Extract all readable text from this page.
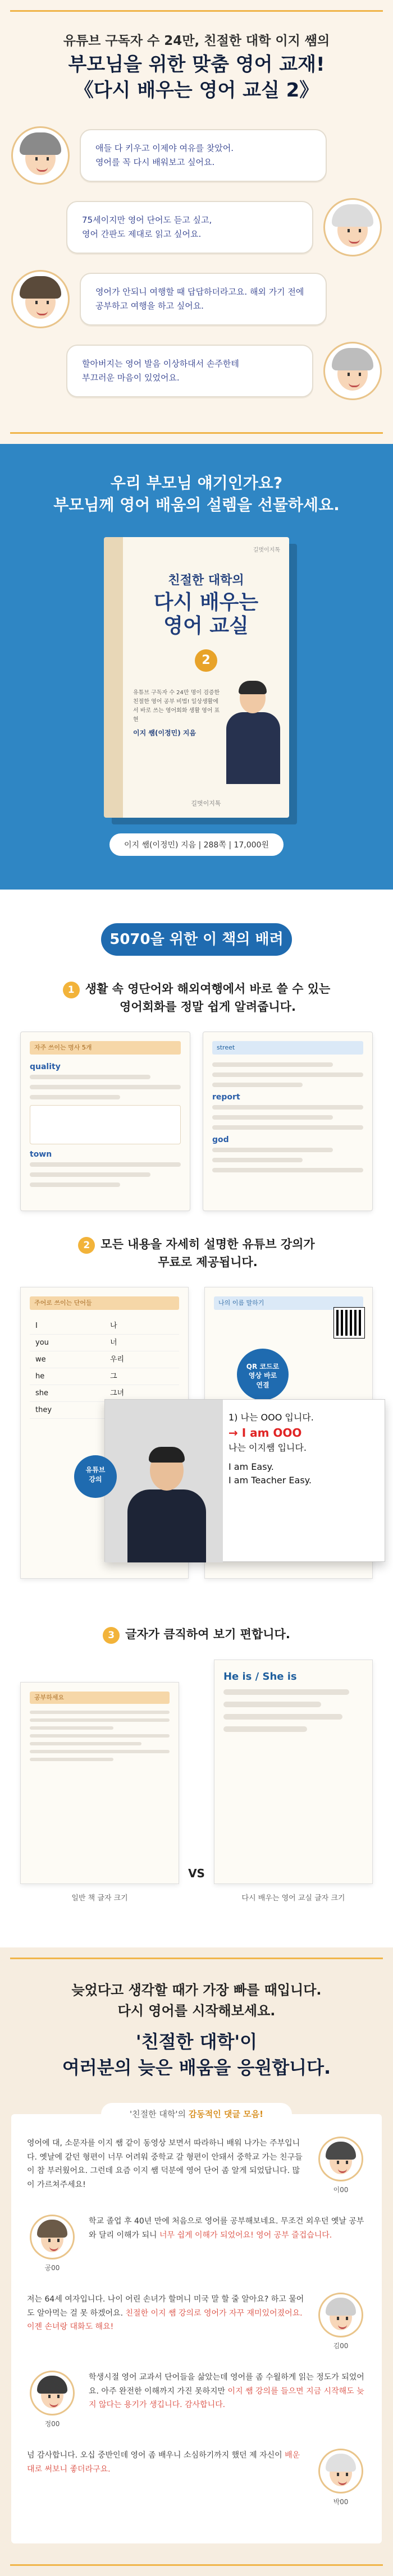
유튜브 구독자 수 24만, 친절한 대학 이지 쌤의
부모님을 위한 맞춤 영어 교재!
《다시 배우는 영어 교실 2》
애들 다 키우고 이제야 여유를 찾았어.
영어를 꼭 다시 배워보고 싶어요.
75세이지만 영어 단어도 듣고 싶고,
영어 간판도 제대로 읽고 싶어요.
영어가 안되니 여행할 때 답답하더라고요. 해외 가기 전에
공부하고 여행을 하고 싶어요.
할아버지는 영어 발음 이상하대서 손주한테
부끄러운 마음이 있었어요.
우리 부모님 얘기인가요?
부모님께 영어 배움의 설렘을 선물하세요.
길벗이지톡
친절한 대학의
다시 배우는
영어 교실
2
유튜브 구독자 수 24만 명이 검증한 친절한 영어 공부 비법! 일상생활에서 바로 쓰는 영어회화 생활 영어 표현
이지 쌤(이정민) 지음
길벗이지톡
이지 쌤(이정민) 지음 | 288쪽 | 17,000원
5070을 위한 이 책의 배려
1 생활 속 영단어와 해외여행에서 바로 쓸 수 있는
영어회화를 정말 쉽게 알려줍니다.
자주 쓰이는 명사 5개
quality
town
street
report
god
2 모든 내용을 자세히 설명한 유튜브 강의가
무료로 제공됩니다.
주어로 쓰이는 단어들
I	나
you	너
we	우리
he	그
she	그녀
they
나의 이름 말하기
QR 코드로
영상 바로
연결
1) 나는 OOO 입니다.
→ I am OOO
나는 이지쌤 입니다.
I am Easy.
I am Teacher Easy.
유튜브
강의
3 글자가 큼직하여 보기 편합니다.
공부하세요
일반 책 글자 크기
VS
He is / She is
다시 배우는 영어 교실 글자 크기
늦었다고 생각할 때가 가장 빠를 때입니다.
다시 영어를 시작해보세요.
'친절한 대학'이
여러분의 늦은 배움을 응원합니다.
'친절한 대학'의 감동적인 댓글 모음!
영어에 대, 소문자를 이지 쌤 같이 동영상 보면서 따라하니 배워 나가는 주부입니다. 옛날에 같던 형편이 너무 어려워 중학교 갈 형편이 안돼서 중학교 가는 친구들이 참 부러웠어요. 그런데 요즘 이지 쌤 덕분에 영어 단어 좀 알게 되었답니다. 많이 가르쳐주세요!
이00
학교 졸업 후 40년 만에 처음으로 영어를 공부해보네요. 무조건 외우던 옛날 공부와 달리 이해가 되니 너무 쉽게 이해가 되었어요! 영어 공부 즐겁습니다.
공00
저는 64세 여자입니다. 나이 어린 손녀가 할머니 미국 말 할 줄 알아요? 하고 물어도 알아먹는 걸 못 하겠어요. 친절한 이지 쌤 강의로 영어가 자꾸 재미있어졌어요. 이젠 손녀랑 대화도 해요!
김00
학생시절 영어 교과서 단어들을 삶았는데 영어를 좀 수월하게 읽는 정도가 되었어요. 아주 완전한 이해까지 가진 못하지만 이지 쌤 강의를 들으면 지금 시작해도 늦지 않다는 용기가 생깁니다. 감사합니다.
정00
넘 감사합니다. 오십 중반인데 영어 좀 배우니 소심하기까지 했던 제 자신이 배운 대로 써보니 좋더라구요.
박00
